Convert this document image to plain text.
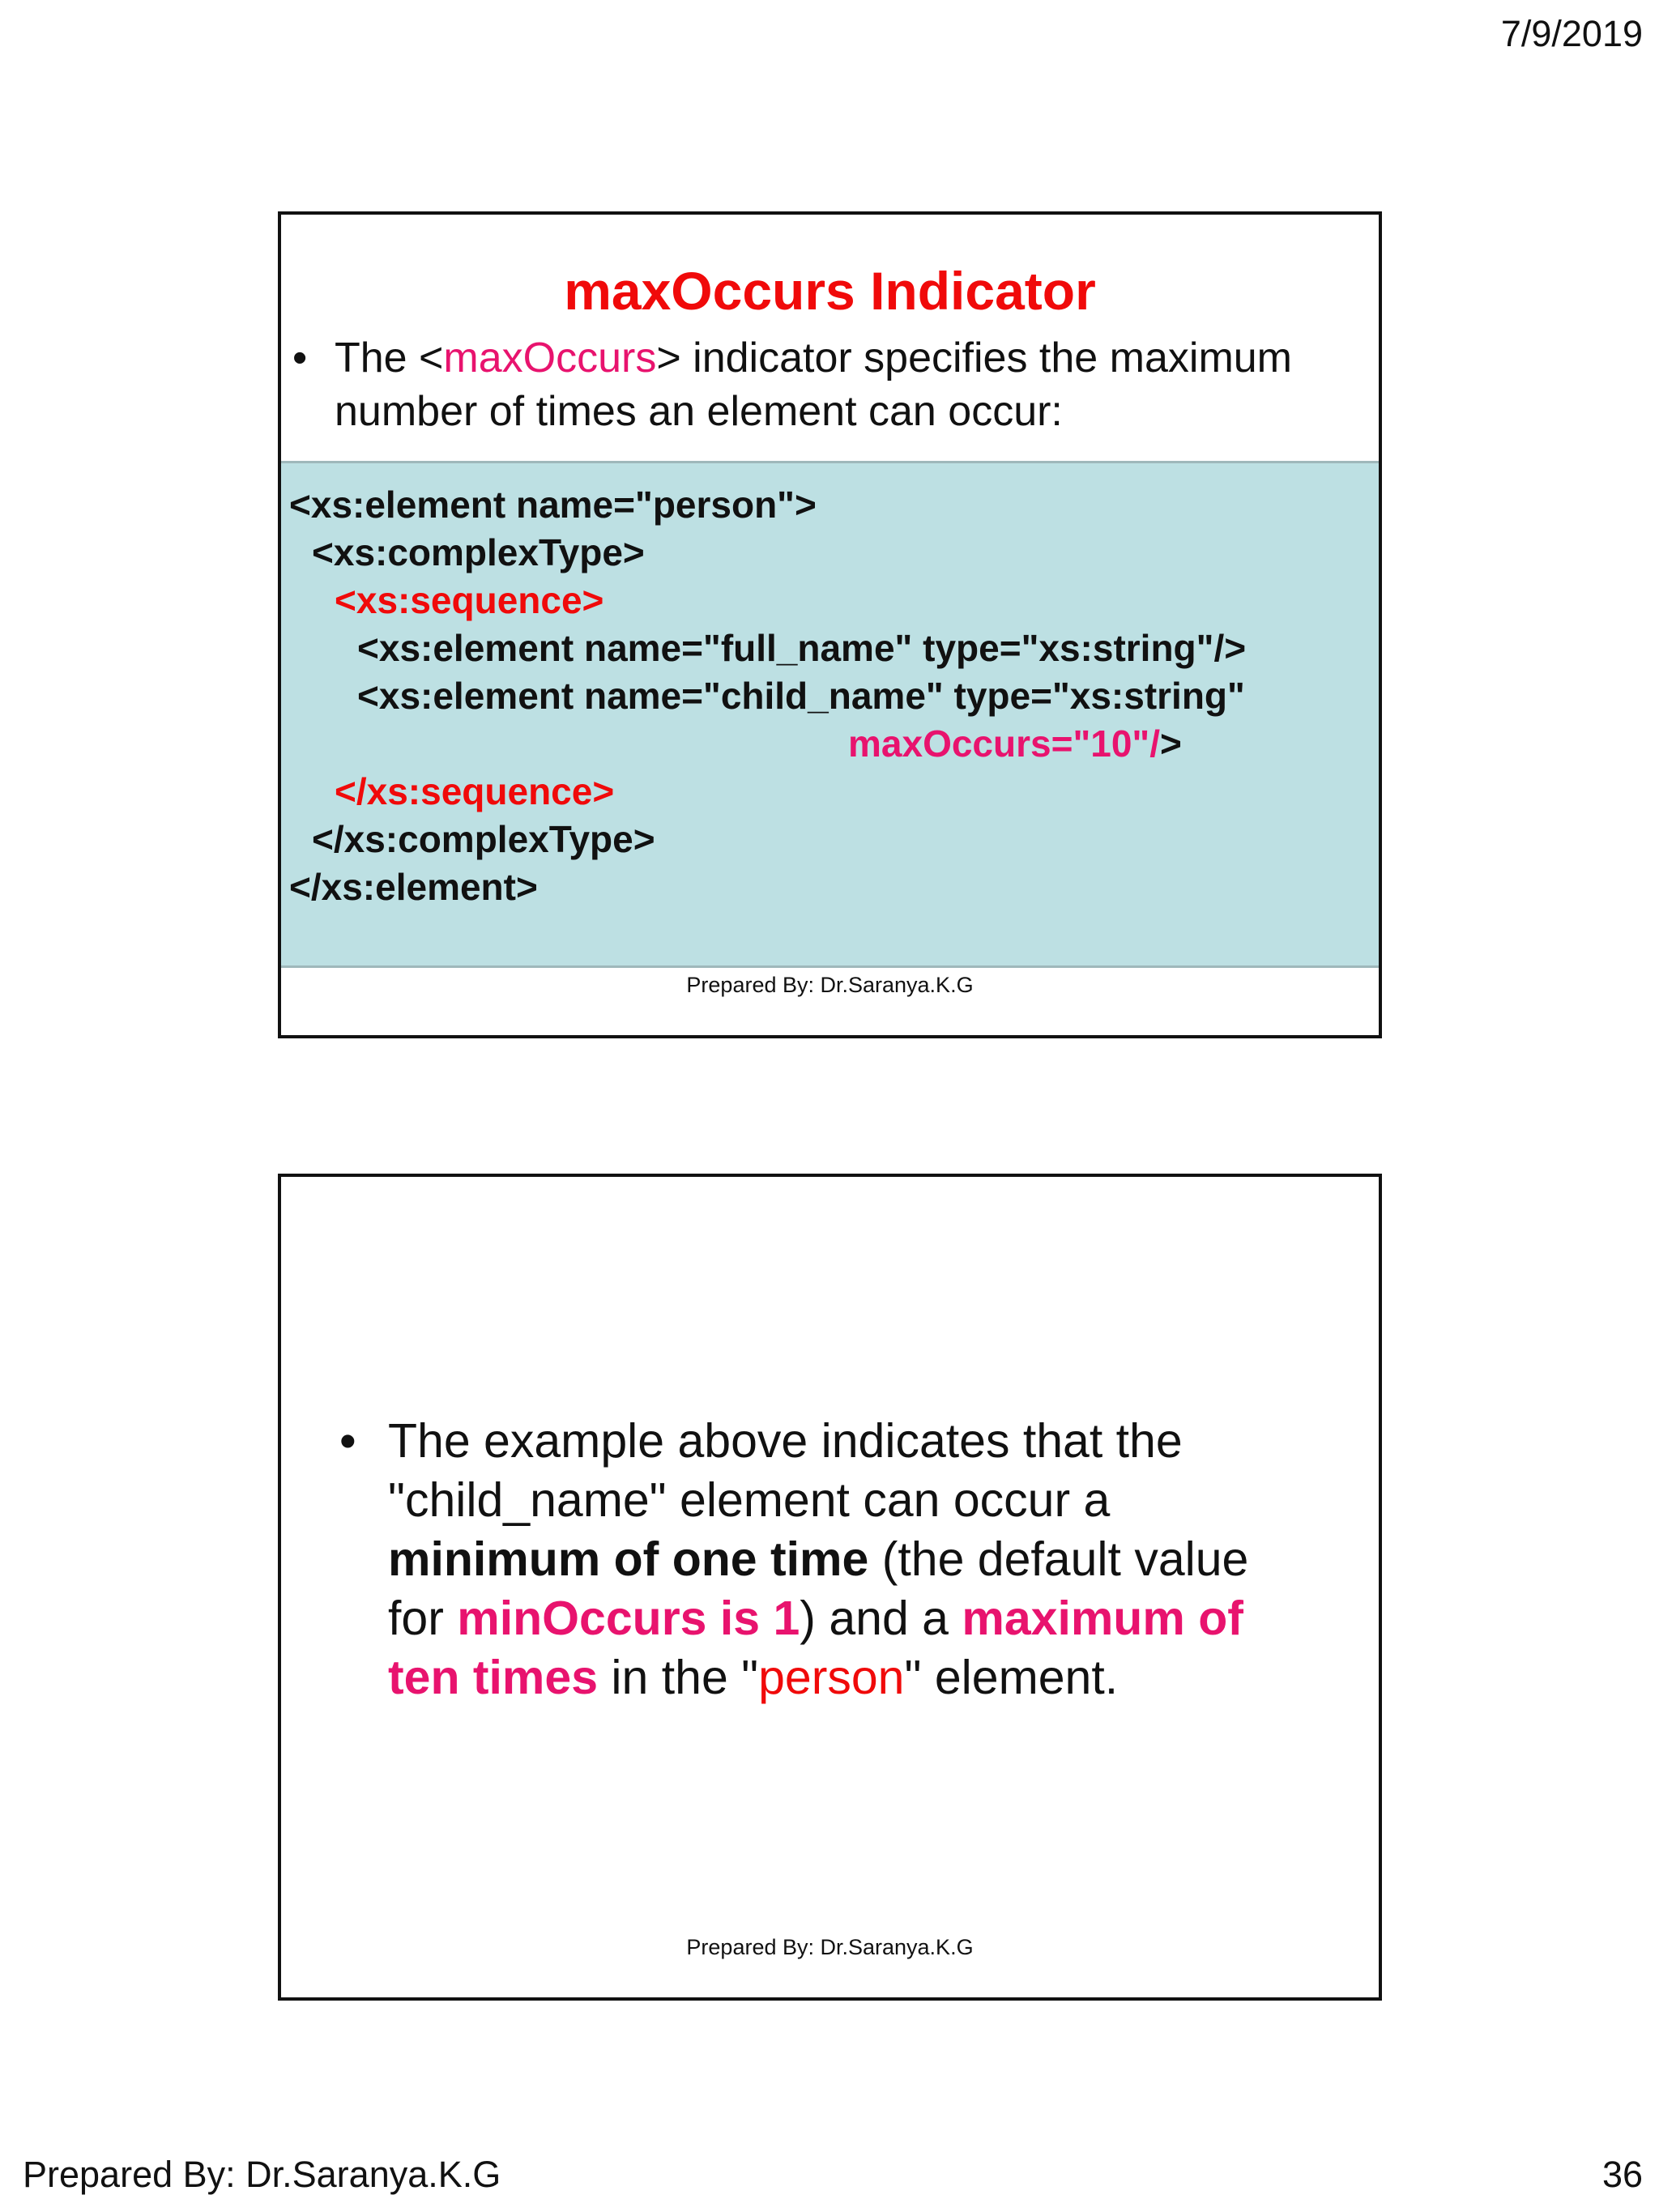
7/9/2019
maxOccurs Indicator
• The <maxOccurs> indicator specifies the maximum number of times an element can occur:
<xs:element name="person">
<xs:complexType>
<xs:sequence>
<xs:element name="full_name" type="xs:string"/>
<xs:element name="child_name" type="xs:string"
maxOccurs="10"/>
</xs:sequence>
</xs:complexType>
</xs:element>
Prepared By: Dr.Saranya.K.G
• The example above indicates that the "child_name" element can occur a minimum of one time (the default value for minOccurs is 1) and a maximum of ten times in the "person" element.
Prepared By: Dr.Saranya.K.G
Prepared By: Dr.Saranya.K.G	36
